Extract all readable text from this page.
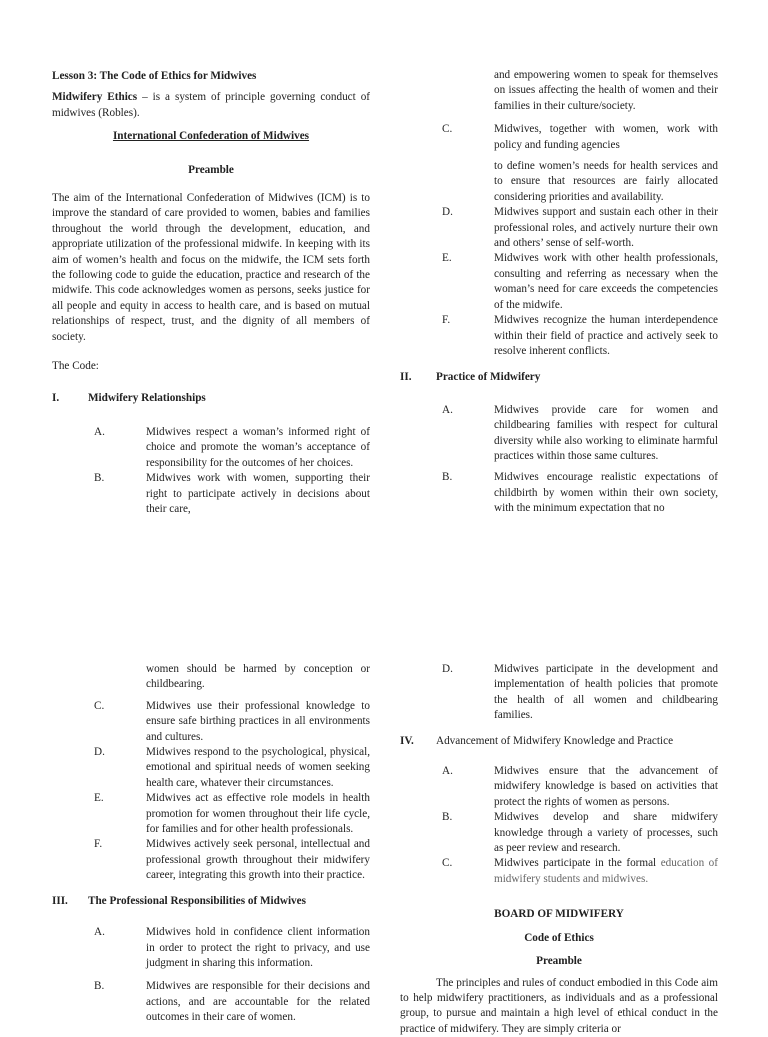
Lesson 3: The Code of Ethics for Midwives

Midwifery Ethics – is a system of principle governing conduct of midwives (Robles).

International Confederation of Midwives

Preamble

The aim of the International Confederation of Midwives (ICM) is to improve the standard of care provided to women, babies and families throughout the world through the development, education, and appropriate utilization of the professional midwife. In keeping with its aim of women’s health and focus on the midwife, the ICM sets forth the following code to guide the education, practice and research of the midwife. This code acknowledges women as persons, seeks justice for all people and equity in access to health care, and is based on mutual relationships of respect, trust, and the dignity of all members of society.

The Code:

I.	Midwifery Relationships

A.	Midwives respect a woman’s informed right of choice and promote the woman’s acceptance of responsibility for the outcomes of her choices.

B.	Midwives work with women, supporting their right to participate actively in decisions about their care,

and empowering women to speak for themselves on issues affecting the health of women and their families in their culture/society.

C.	Midwives, together with women, work with policy and funding agencies

to define women’s needs for health services and to ensure that resources are fairly allocated considering priorities and availability.

D.	Midwives support and sustain each other in their professional roles, and actively nurture their own and others’ sense of self-worth.

E.	Midwives work with other health professionals, consulting and referring as necessary when the woman’s need for care exceeds the competencies of the midwife.

F.	Midwives recognize the human interdependence within their field of practice and actively seek to resolve inherent conflicts.

II. Practice of Midwifery

A.	Midwives provide care for women and childbearing families with respect for cultural diversity while also working to eliminate harmful practices within those same cultures.

B.	Midwives encourage realistic expectations of childbirth by women within their own society, with the minimum expectation that no

women should be harmed by conception or childbearing.

C.	Midwives use their professional knowledge to ensure safe birthing practices in all environments and cultures.

D.	Midwives respond to the psychological, physical, emotional and spiritual needs of women seeking health care, whatever their circumstances.

E.	Midwives act as effective role models in health promotion for women throughout their life cycle, for families and for other health professionals.

F.	Midwives actively seek personal, intellectual and professional growth throughout their midwifery career, integrating this growth into their practice.

III. The Professional Responsibilities of Midwives

A.	Midwives hold in confidence client information in order to protect the right to privacy, and use judgment in sharing this information.

B.	Midwives are responsible for their decisions and actions, and are accountable for the related outcomes in their care of women.

D.	Midwives participate in the development and implementation of health policies that promote the health of all women and childbearing families.

IV. Advancement of Midwifery Knowledge and Practice

A.	Midwives ensure that the advancement of midwifery knowledge is based on activities that protect the rights of women as persons.

B.	Midwives develop and share midwifery knowledge through a variety of processes, such as peer review and research.

C.	Midwives participate in the formal education of midwifery students and midwives.

BOARD OF MIDWIFERY

Code of Ethics

Preamble

The principles and rules of conduct embodied in this Code aim to help midwifery practitioners, as individuals and as a professional group, to pursue and maintain a high level of ethical conduct in the practice of midwifery. They are simply criteria or
